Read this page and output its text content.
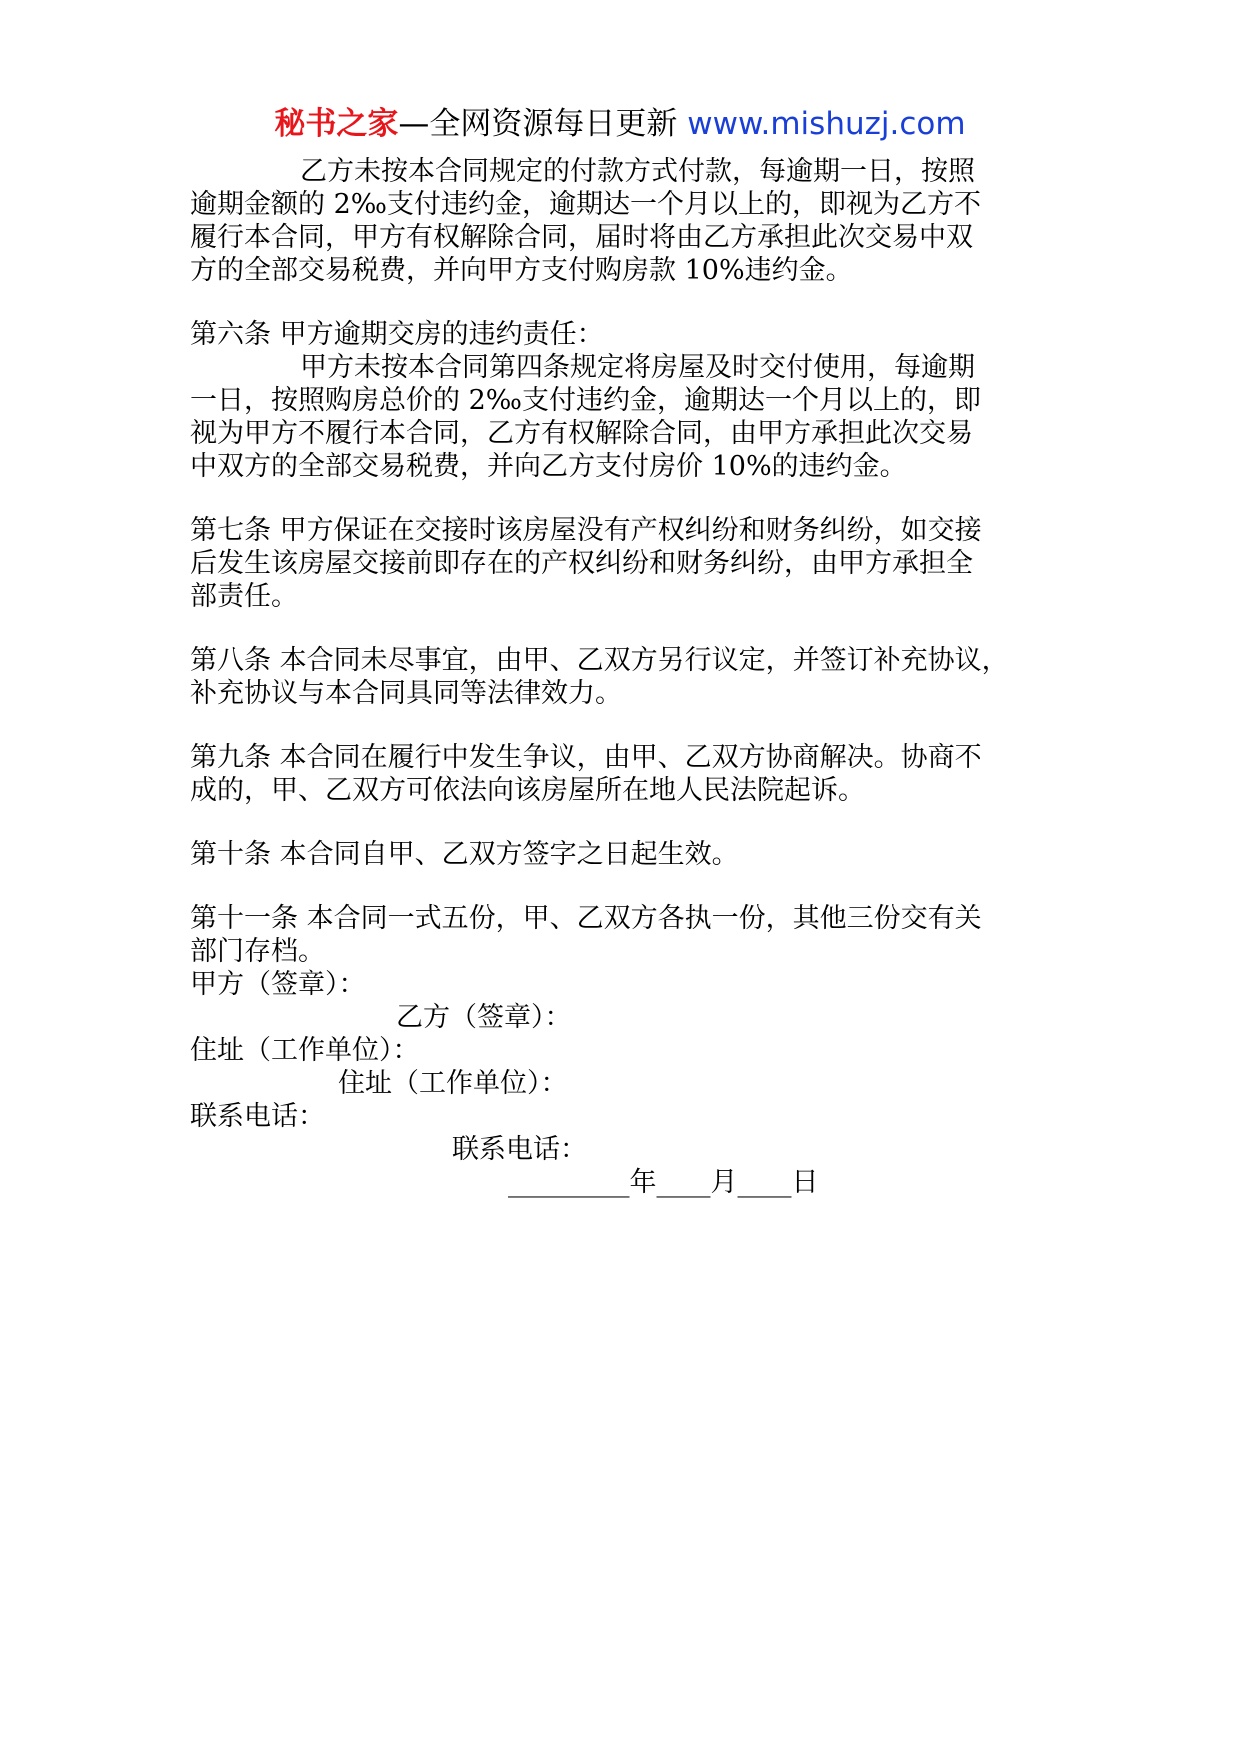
秘书之家—全网资源每日更新 www.mishuzj.com
乙方未按本合同规定的付款方式付款，每逾期一日，按照
逾期金额的 2‰支付违约金，逾期达一个月以上的，即视为乙方不
履行本合同，甲方有权解除合同，届时将由乙方承担此次交易中双
方的全部交易税费，并向甲方支付购房款 10%违约金。
第六条 甲方逾期交房的违约责任：
甲方未按本合同第四条规定将房屋及时交付使用，每逾期
一日，按照购房总价的 2‰支付违约金，逾期达一个月以上的，即
视为甲方不履行本合同，乙方有权解除合同，由甲方承担此次交易
中双方的全部交易税费，并向乙方支付房价 10%的违约金。
第七条 甲方保证在交接时该房屋没有产权纠纷和财务纠纷，如交接
后发生该房屋交接前即存在的产权纠纷和财务纠纷，由甲方承担全
部责任。
第八条 本合同未尽事宜，由甲、乙双方另行议定，并签订补充协议，
补充协议与本合同具同等法律效力。
第九条 本合同在履行中发生争议，由甲、乙双方协商解决。协商不
成的，甲、乙双方可依法向该房屋所在地人民法院起诉。
第十条 本合同自甲、乙双方签字之日起生效。
第十一条 本合同一式五份，甲、乙双方各执一份，其他三份交有关
部门存档。
甲方（签章）：
乙方（签章）：
住址（工作单位）：
住址（工作单位）：
联系电话：
联系电话：
_________年____月____日
